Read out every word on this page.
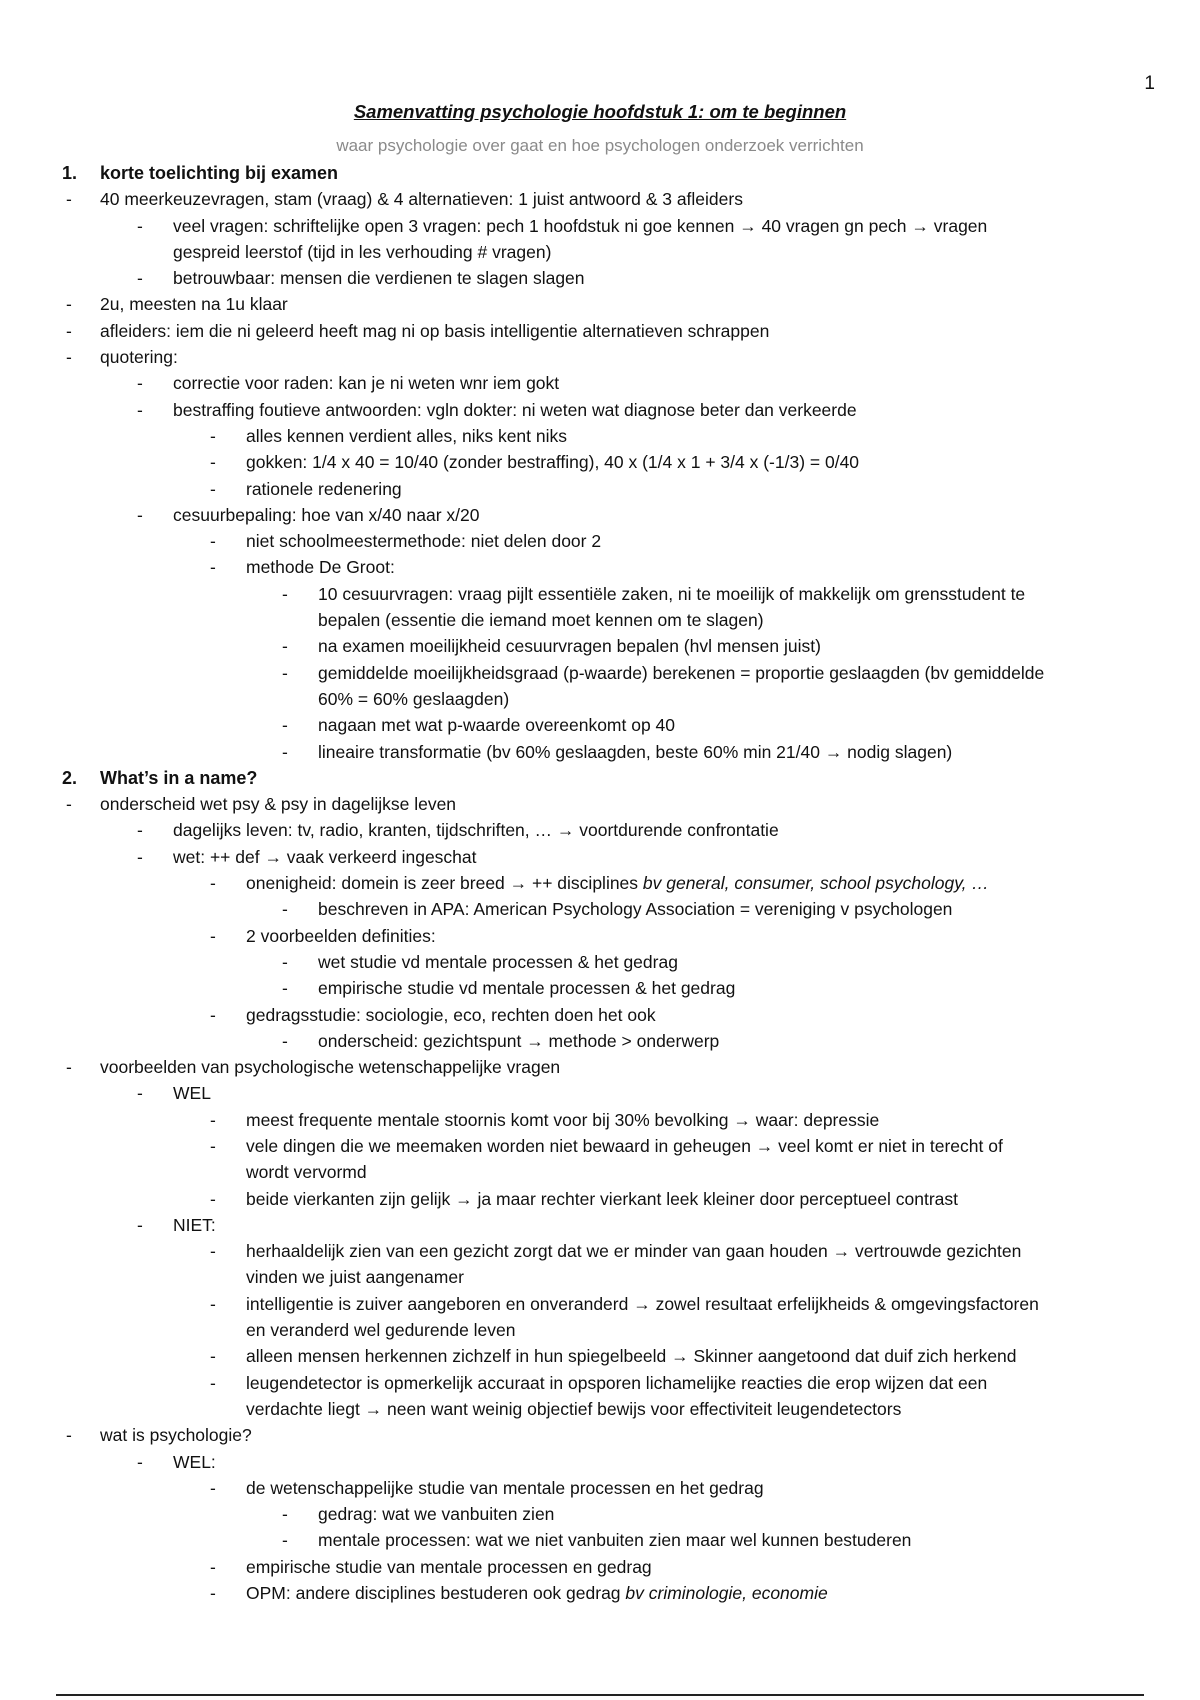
1
Samenvatting psychologie hoofdstuk 1: om te beginnen
waar psychologie over gaat en hoe psychologen onderzoek verrichten
1. korte toelichting bij examen
- 40 meerkeuzevragen, stam (vraag) & 4 alternatieven: 1 juist antwoord & 3 afleiders
- veel vragen: schriftelijke open 3 vragen: pech 1 hoofdstuk ni goe kennen → 40 vragen gn pech → vragen
gespreid leerstof (tijd in les verhouding # vragen)
- betrouwbaar: mensen die verdienen te slagen slagen
- 2u, meesten na 1u klaar
- afleiders: iem die ni geleerd heeft mag ni op basis intelligentie alternatieven schrappen
- quotering:
- correctie voor raden: kan je ni weten wnr iem gokt
- bestraffing foutieve antwoorden: vgln dokter: ni weten wat diagnose beter dan verkeerde
- alles kennen verdient alles, niks kent niks
- gokken: 1/4 x 40 = 10/40 (zonder bestraffing), 40 x (1/4 x 1 + 3/4 x (-1/3) = 0/40
- rationele redenering
- cesuurbepaling: hoe van x/40 naar x/20
- niet schoolmeestermethode: niet delen door 2
- methode De Groot:
- 10 cesuurvragen: vraag pijlt essentiële zaken, ni te moeilijk of makkelijk om grensstudent te
bepalen (essentie die iemand moet kennen om te slagen)
- na examen moeilijkheid cesuurvragen bepalen (hvl mensen juist)
- gemiddelde moeilijkheidsgraad (p-waarde) berekenen = proportie geslaagden (bv gemiddelde
60% = 60% geslaagden)
- nagaan met wat p-waarde overeenkomt op 40
- lineaire transformatie (bv 60% geslaagden, beste 60% min 21/40 → nodig slagen)
2. What’s in a name?
- onderscheid wet psy & psy in dagelijkse leven
- dagelijks leven: tv, radio, kranten, tijdschriften, … → voortdurende confrontatie
- wet: ++ def → vaak verkeerd ingeschat
- onenigheid: domein is zeer breed → ++ disciplines bv general, consumer, school psychology, …
- beschreven in APA: American Psychology Association = vereniging v psychologen
- 2 voorbeelden definities:
- wet studie vd mentale processen & het gedrag
- empirische studie vd mentale processen & het gedrag
- gedragsstudie: sociologie, eco, rechten doen het ook
- onderscheid: gezichtspunt → methode > onderwerp
- voorbeelden van psychologische wetenschappelijke vragen
- WEL
- meest frequente mentale stoornis komt voor bij 30% bevolking → waar: depressie
- vele dingen die we meemaken worden niet bewaard in geheugen → veel komt er niet in terecht of
wordt vervormd
- beide vierkanten zijn gelijk → ja maar rechter vierkant leek kleiner door perceptueel contrast
- NIET:
- herhaaldelijk zien van een gezicht zorgt dat we er minder van gaan houden → vertrouwde gezichten
vinden we juist aangenamer
- intelligentie is zuiver aangeboren en onveranderd → zowel resultaat erfelijkheids & omgevingsfactoren
en veranderd wel gedurende leven
- alleen mensen herkennen zichzelf in hun spiegelbeeld → Skinner aangetoond dat duif zich herkend
- leugendetector is opmerkelijk accuraat in opsporen lichamelijke reacties die erop wijzen dat een
verdachte liegt → neen want weinig objectief bewijs voor effectiviteit leugendetectors
- wat is psychologie?
- WEL:
- de wetenschappelijke studie van mentale processen en het gedrag
- gedrag: wat we vanbuiten zien
- mentale processen: wat we niet vanbuiten zien maar wel kunnen bestuderen
- empirische studie van mentale processen en gedrag
- OPM: andere disciplines bestuderen ook gedrag bv criminologie, economie
